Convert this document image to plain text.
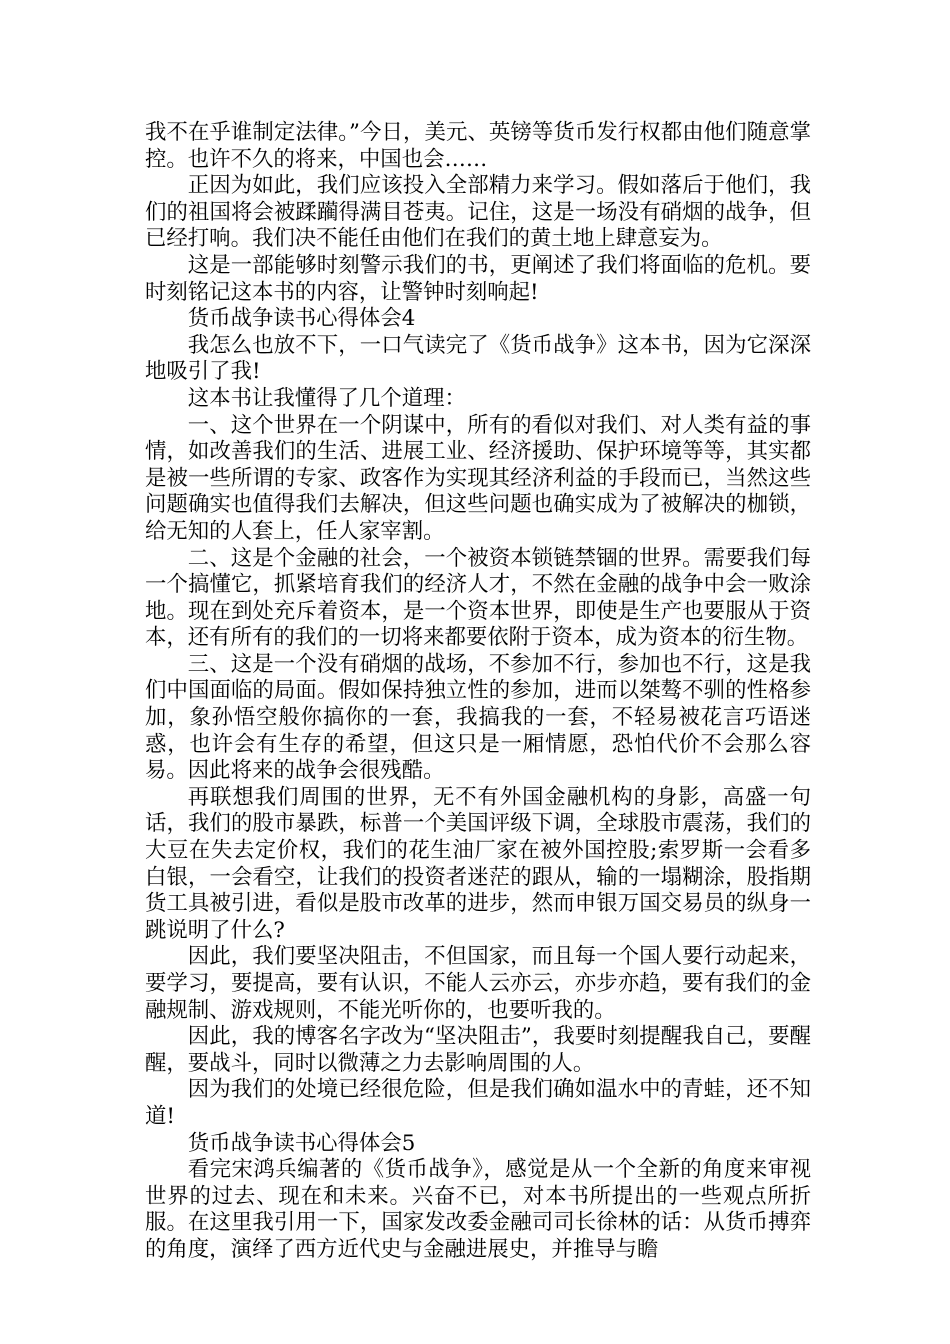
我不在乎谁制定法律。”今日，美元、英镑等货币发行权都由他们随意掌控。也许不久的将来，中国也会……

正因为如此，我们应该投入全部精力来学习。假如落后于他们，我们的祖国将会被蹂躏得满目苍夷。记住，这是一场没有硝烟的战争，但已经打响。我们决不能任由他们在我们的黄土地上肆意妄为。

这是一部能够时刻警示我们的书，更阐述了我们将面临的危机。要时刻铭记这本书的内容，让警钟时刻响起!

货币战争读书心得体会4

我怎么也放不下，一口气读完了《货币战争》这本书，因为它深深地吸引了我!

这本书让我懂得了几个道理：

一、这个世界在一个阴谋中，所有的看似对我们、对人类有益的事情，如改善我们的生活、进展工业、经济援助、保护环境等等，其实都是被一些所谓的专家、政客作为实现其经济利益的手段而已，当然这些问题确实也值得我们去解决，但这些问题也确实成为了被解决的枷锁，给无知的人套上，任人家宰割。

二、这是个金融的社会，一个被资本锁链禁锢的世界。需要我们每一个搞懂它，抓紧培育我们的经济人才，不然在金融的战争中会一败涂地。现在到处充斥着资本，是一个资本世界，即使是生产也要服从于资本，还有所有的我们的一切将来都要依附于资本，成为资本的衍生物。

三、这是一个没有硝烟的战场，不参加不行，参加也不行，这是我们中国面临的局面。假如保持独立性的参加，进而以桀骜不驯的性格参加，象孙悟空般你搞你的一套，我搞我的一套，不轻易被花言巧语迷惑，也许会有生存的希望，但这只是一厢情愿，恐怕代价不会那么容易。因此将来的战争会很残酷。

再联想我们周围的世界，无不有外国金融机构的身影，高盛一句话，我们的股市暴跌，标普一个美国评级下调，全球股市震荡，我们的大豆在失去定价权，我们的花生油厂家在被外国控股;索罗斯一会看多白银，一会看空，让我们的投资者迷茫的跟从，输的一塌糊涂，股指期货工具被引进，看似是股市改革的进步，然而申银万国交易员的纵身一跳说明了什么?

因此，我们要坚决阻击，不但国家，而且每一个国人要行动起来，要学习，要提高，要有认识，不能人云亦云，亦步亦趋，要有我们的金融规制、游戏规则，不能光听你的，也要听我的。

因此，我的博客名字改为“坚决阻击”，我要时刻提醒我自己，要醒醒，要战斗，同时以微薄之力去影响周围的人。

因为我们的处境已经很危险，但是我们确如温水中的青蛙，还不知道!

货币战争读书心得体会5

看完宋鸿兵编著的《货币战争》，感觉是从一个全新的角度来审视世界的过去、现在和未来。兴奋不已，对本书所提出的一些观点所折服。在这里我引用一下，国家发改委金融司司长徐林的话：从货币搏弈的角度，演绎了西方近代史与金融进展史，并推导与瞻
